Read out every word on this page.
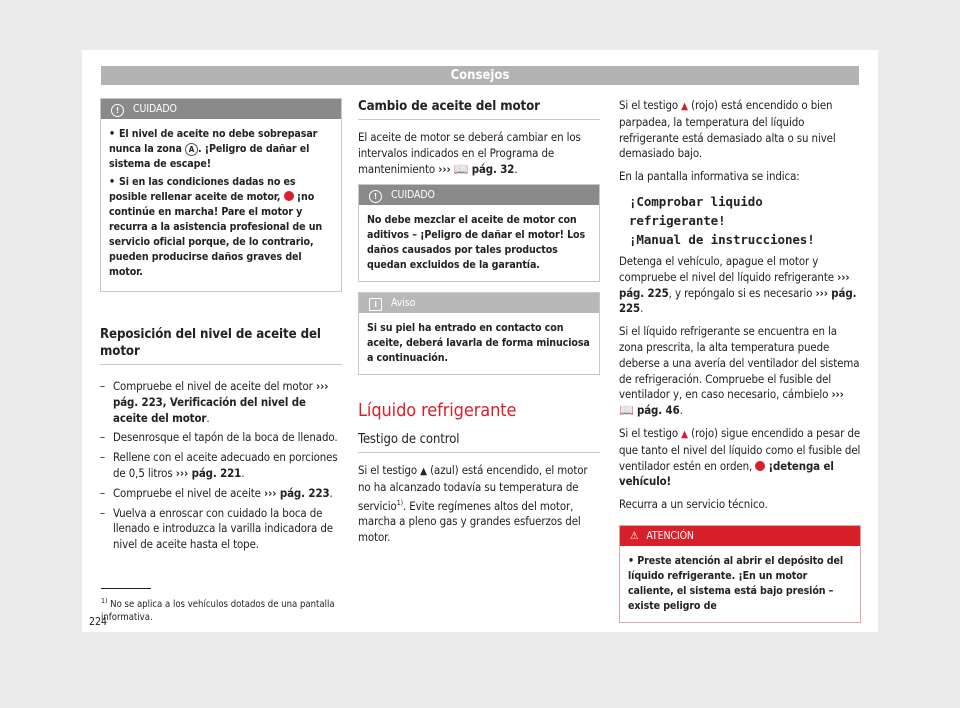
Consejos
! CUIDADO
• El nivel de aceite no debe sobrepasar nunca la zona A . ¡Peligro de dañar el sistema de escape!
• Si en las condiciones dadas no es posible rellenar aceite de motor,  ¡no continúe en marcha! Pare el motor y recurra a la asistencia profesional de un servicio oficial porque, de lo contrario, pueden producirse daños graves del motor.
Reposición del nivel de aceite del motor
– Compruebe el nivel de aceite del motor ››› pág. 223, Verificación del nivel de aceite del motor.
– Desenrosque el tapón de la boca de llenado.
– Rellene con el aceite adecuado en porciones de 0,5 litros ››› pág. 221.
– Compruebe el nivel de aceite ››› pág. 223.
– Vuelva a enroscar con cuidado la boca de llenado e introduzca la varilla indicadora de nivel de aceite hasta el tope.
Cambio de aceite del motor

El aceite de motor se deberá cambiar en los intervalos indicados en el Programa de mantenimiento ››› 📖 pág. 32.

! CUIDADO
No debe mezclar el aceite de motor con aditivos – ¡Peligro de dañar el motor! Los daños causados por tales productos quedan excluidos de la garantía.
i Aviso
Si su piel ha entrado en contacto con aceite, deberá lavarla de forma minuciosa a continuación.
Líquido refrigerante
Testigo de control

Si el testigo ▲ (azul) está encendido, el motor no ha alcanzado todavía su temperatura de servicio$^{1)}$. Evite regímenes altos del motor, marcha a pleno gas y grandes esfuerzos del motor.

Si el testigo ▲ (rojo) está encendido o bien parpadea, la temperatura del líquido refrigerante está demasiado alta o su nivel demasiado bajo.

En la pantalla informativa se indica:

¡Comprobar liquido refrigerante!
¡Manual de instrucciones!

Detenga el vehículo, apague el motor y compruebe el nivel del líquido refrigerante ››› pág. 225, y repóngalo si es necesario ››› pág. 225.

Si el líquido refrigerante se encuentra en la zona prescrita, la alta temperatura puede deberse a una avería del ventilador del sistema de refrigeración. Compruebe el fusible del ventilador y, en caso necesario, cámbielo ››› 📖 pág. 46.

Si el testigo ▲ (rojo) sigue encendido a pesar de que tanto el nivel del líquido como el fusible del ventilador estén en orden,  ¡detenga el vehículo!

Recurra a un servicio técnico.

⚠ ATENCIÓN
• Preste atención al abrir el depósito del líquido refrigerante. ¡En un motor caliente, el sistema está bajo presión – existe peligro de
$^{1)}$ No se aplica a los vehículos dotados de una pantalla informativa.
224
